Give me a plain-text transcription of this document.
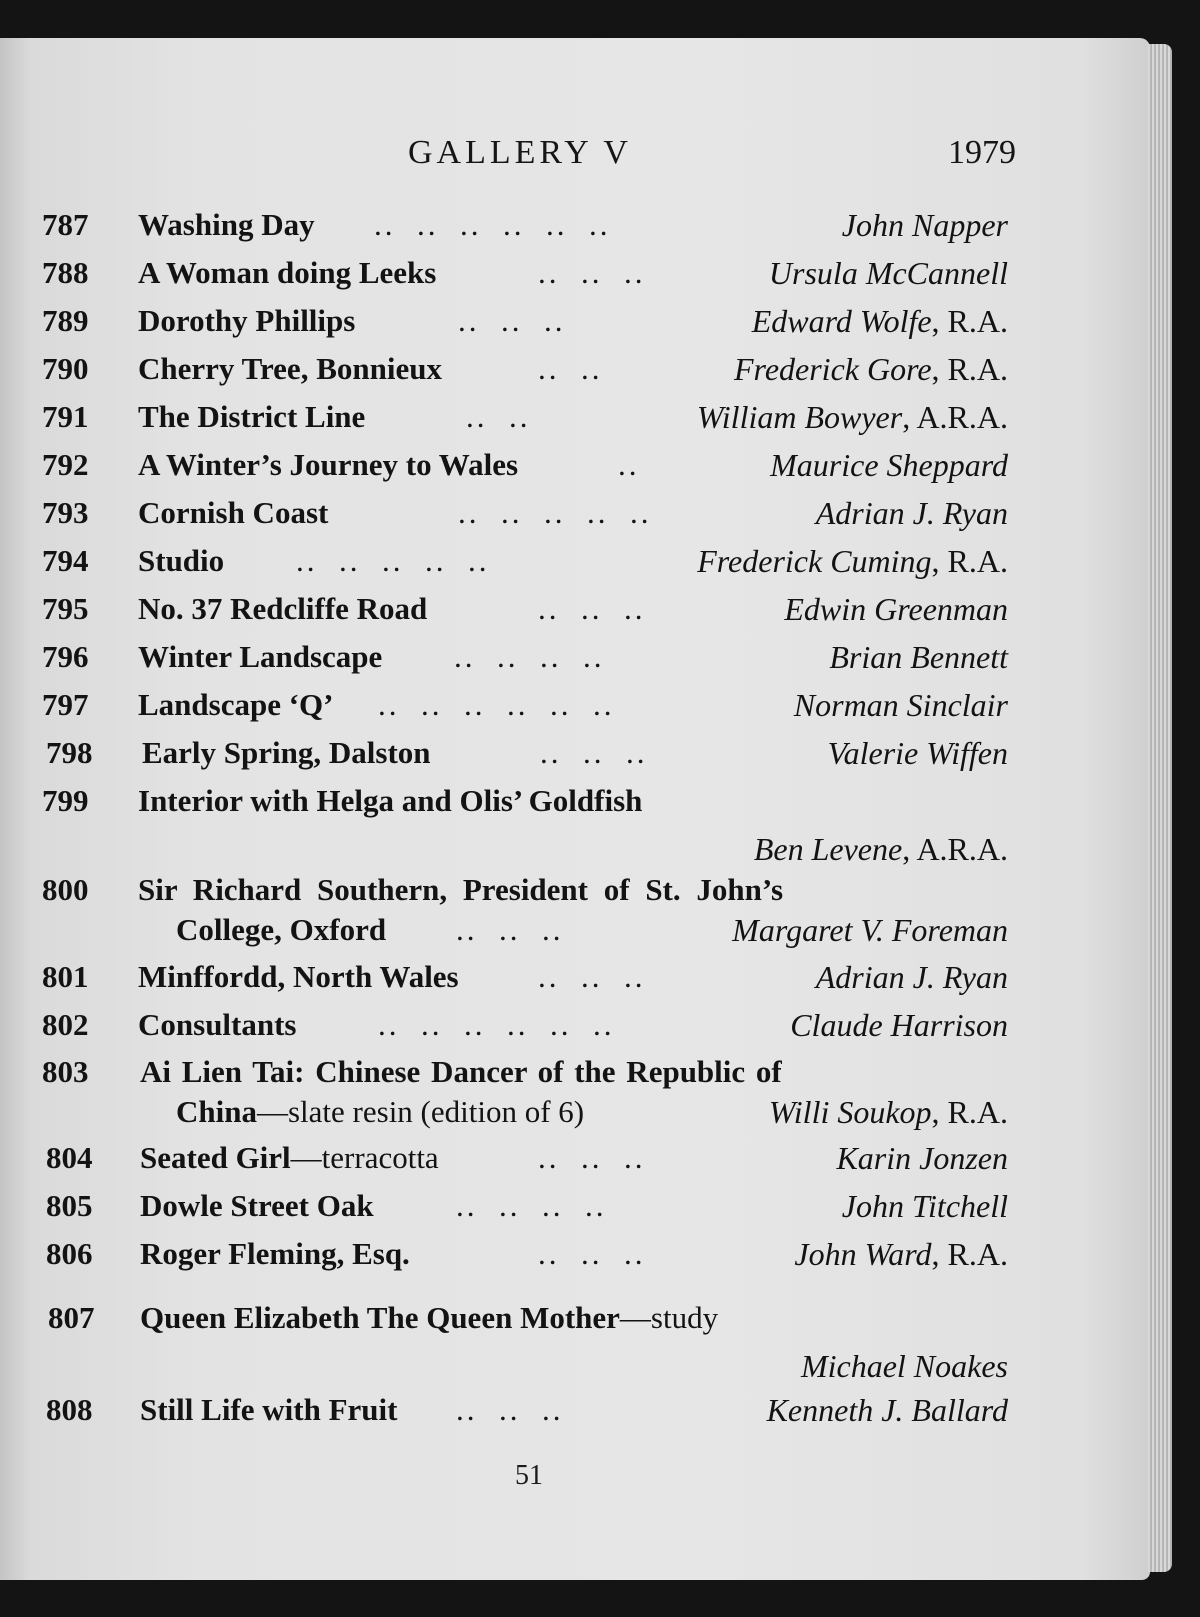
GALLERY V	1979
787 Washing Day ..  ..  ..  ..  ..  ..	John Napper
788 A Woman doing Leeks	..  ..  ..	Ursula McCannell
789 Dorothy Phillips	..  ..  ..	Edward Wolfe, R.A.
790 Cherry Tree, Bonnieux	..  ..	Frederick Gore, R.A.
791 The District Line	..  ..	William Bowyer, A.R.A.
792 A Winter’s Journey to Wales	..	Maurice Sheppard
793 Cornish Coast	..  ..  ..  ..  ..	Adrian J. Ryan
794 Studio ..  ..  ..  ..  ..	Frederick Cuming, R.A.
795 No. 37 Redcliffe Road	..  ..  ..	Edwin Greenman
796 Winter Landscape ..  ..  ..  ..	Brian Bennett
797 Landscape ‘Q’ ..  ..  ..  ..  ..  ..	Norman Sinclair
798 Early Spring, Dalston	..  ..  ..	Valerie Wiffen
799 Interior with Helga and Olis’ Goldfish
Ben Levene, A.R.A.
800 Sir Richard Southern, President of St. John’s
College, Oxford ..  ..  ..	Margaret V. Foreman
801 Minffordd, North Wales	..  ..  ..	Adrian J. Ryan
802 Consultants	..  ..  ..  ..  ..  ..	Claude Harrison
803 Ai Lien Tai: Chinese Dancer of the Republic of
China—slate resin (edition of 6)	Willi Soukop, R.A.
804 Seated Girl—terracotta	..  ..  ..	Karin Jonzen
805 Dowle Street Oak	..  ..  ..  ..	John Titchell
806 Roger Fleming, Esq.	..  ..  ..	John Ward, R.A.
807 Queen Elizabeth The Queen Mother—study
Michael Noakes
808 Still Life with Fruit ..  ..  ..	Kenneth J. Ballard
51
